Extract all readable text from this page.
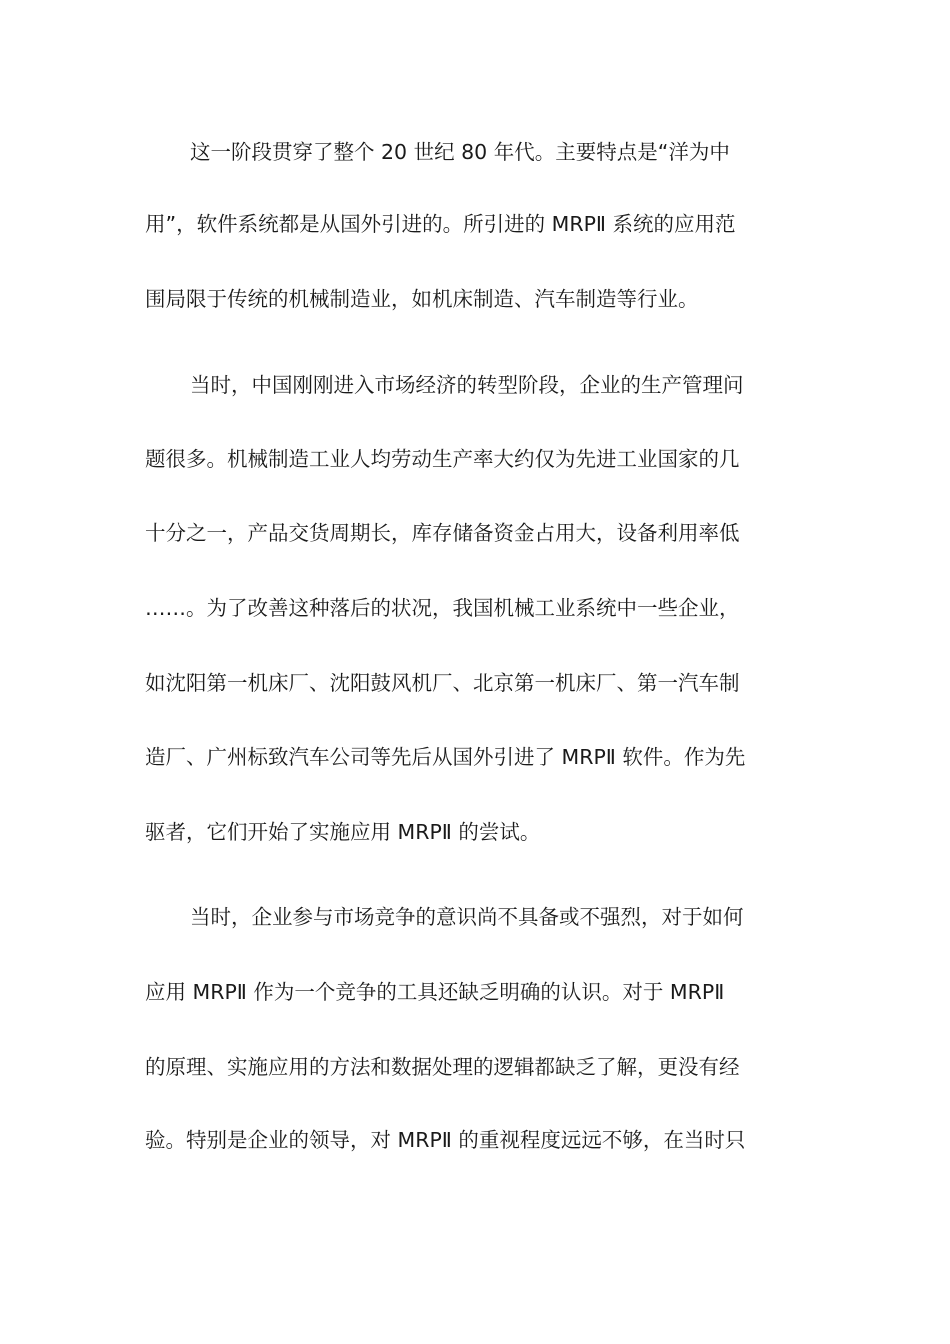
这一阶段贯穿了整个 20 世纪 80 年代。主要特点是“洋为中
用”，软件系统都是从国外引进的。所引进的 MRPⅡ 系统的应用范
围局限于传统的机械制造业，如机床制造、汽车制造等行业。
当时，中国刚刚进入市场经济的转型阶段，企业的生产管理问
题很多。机械制造工业人均劳动生产率大约仅为先进工业国家的几
十分之一，产品交货周期长，库存储备资金占用大，设备利用率低
……。为了改善这种落后的状况，我国机械工业系统中一些企业，
如沈阳第一机床厂、沈阳鼓风机厂、北京第一机床厂、第一汽车制
造厂、广州标致汽车公司等先后从国外引进了 MRPⅡ 软件。作为先
驱者，它们开始了实施应用 MRPⅡ 的尝试。
当时，企业参与市场竞争的意识尚不具备或不强烈，对于如何
应用 MRPⅡ 作为一个竞争的工具还缺乏明确的认识。对于 MRPⅡ
的原理、实施应用的方法和数据处理的逻辑都缺乏了解，更没有经
验。特别是企业的领导，对 MRPⅡ 的重视程度远远不够，在当时只
